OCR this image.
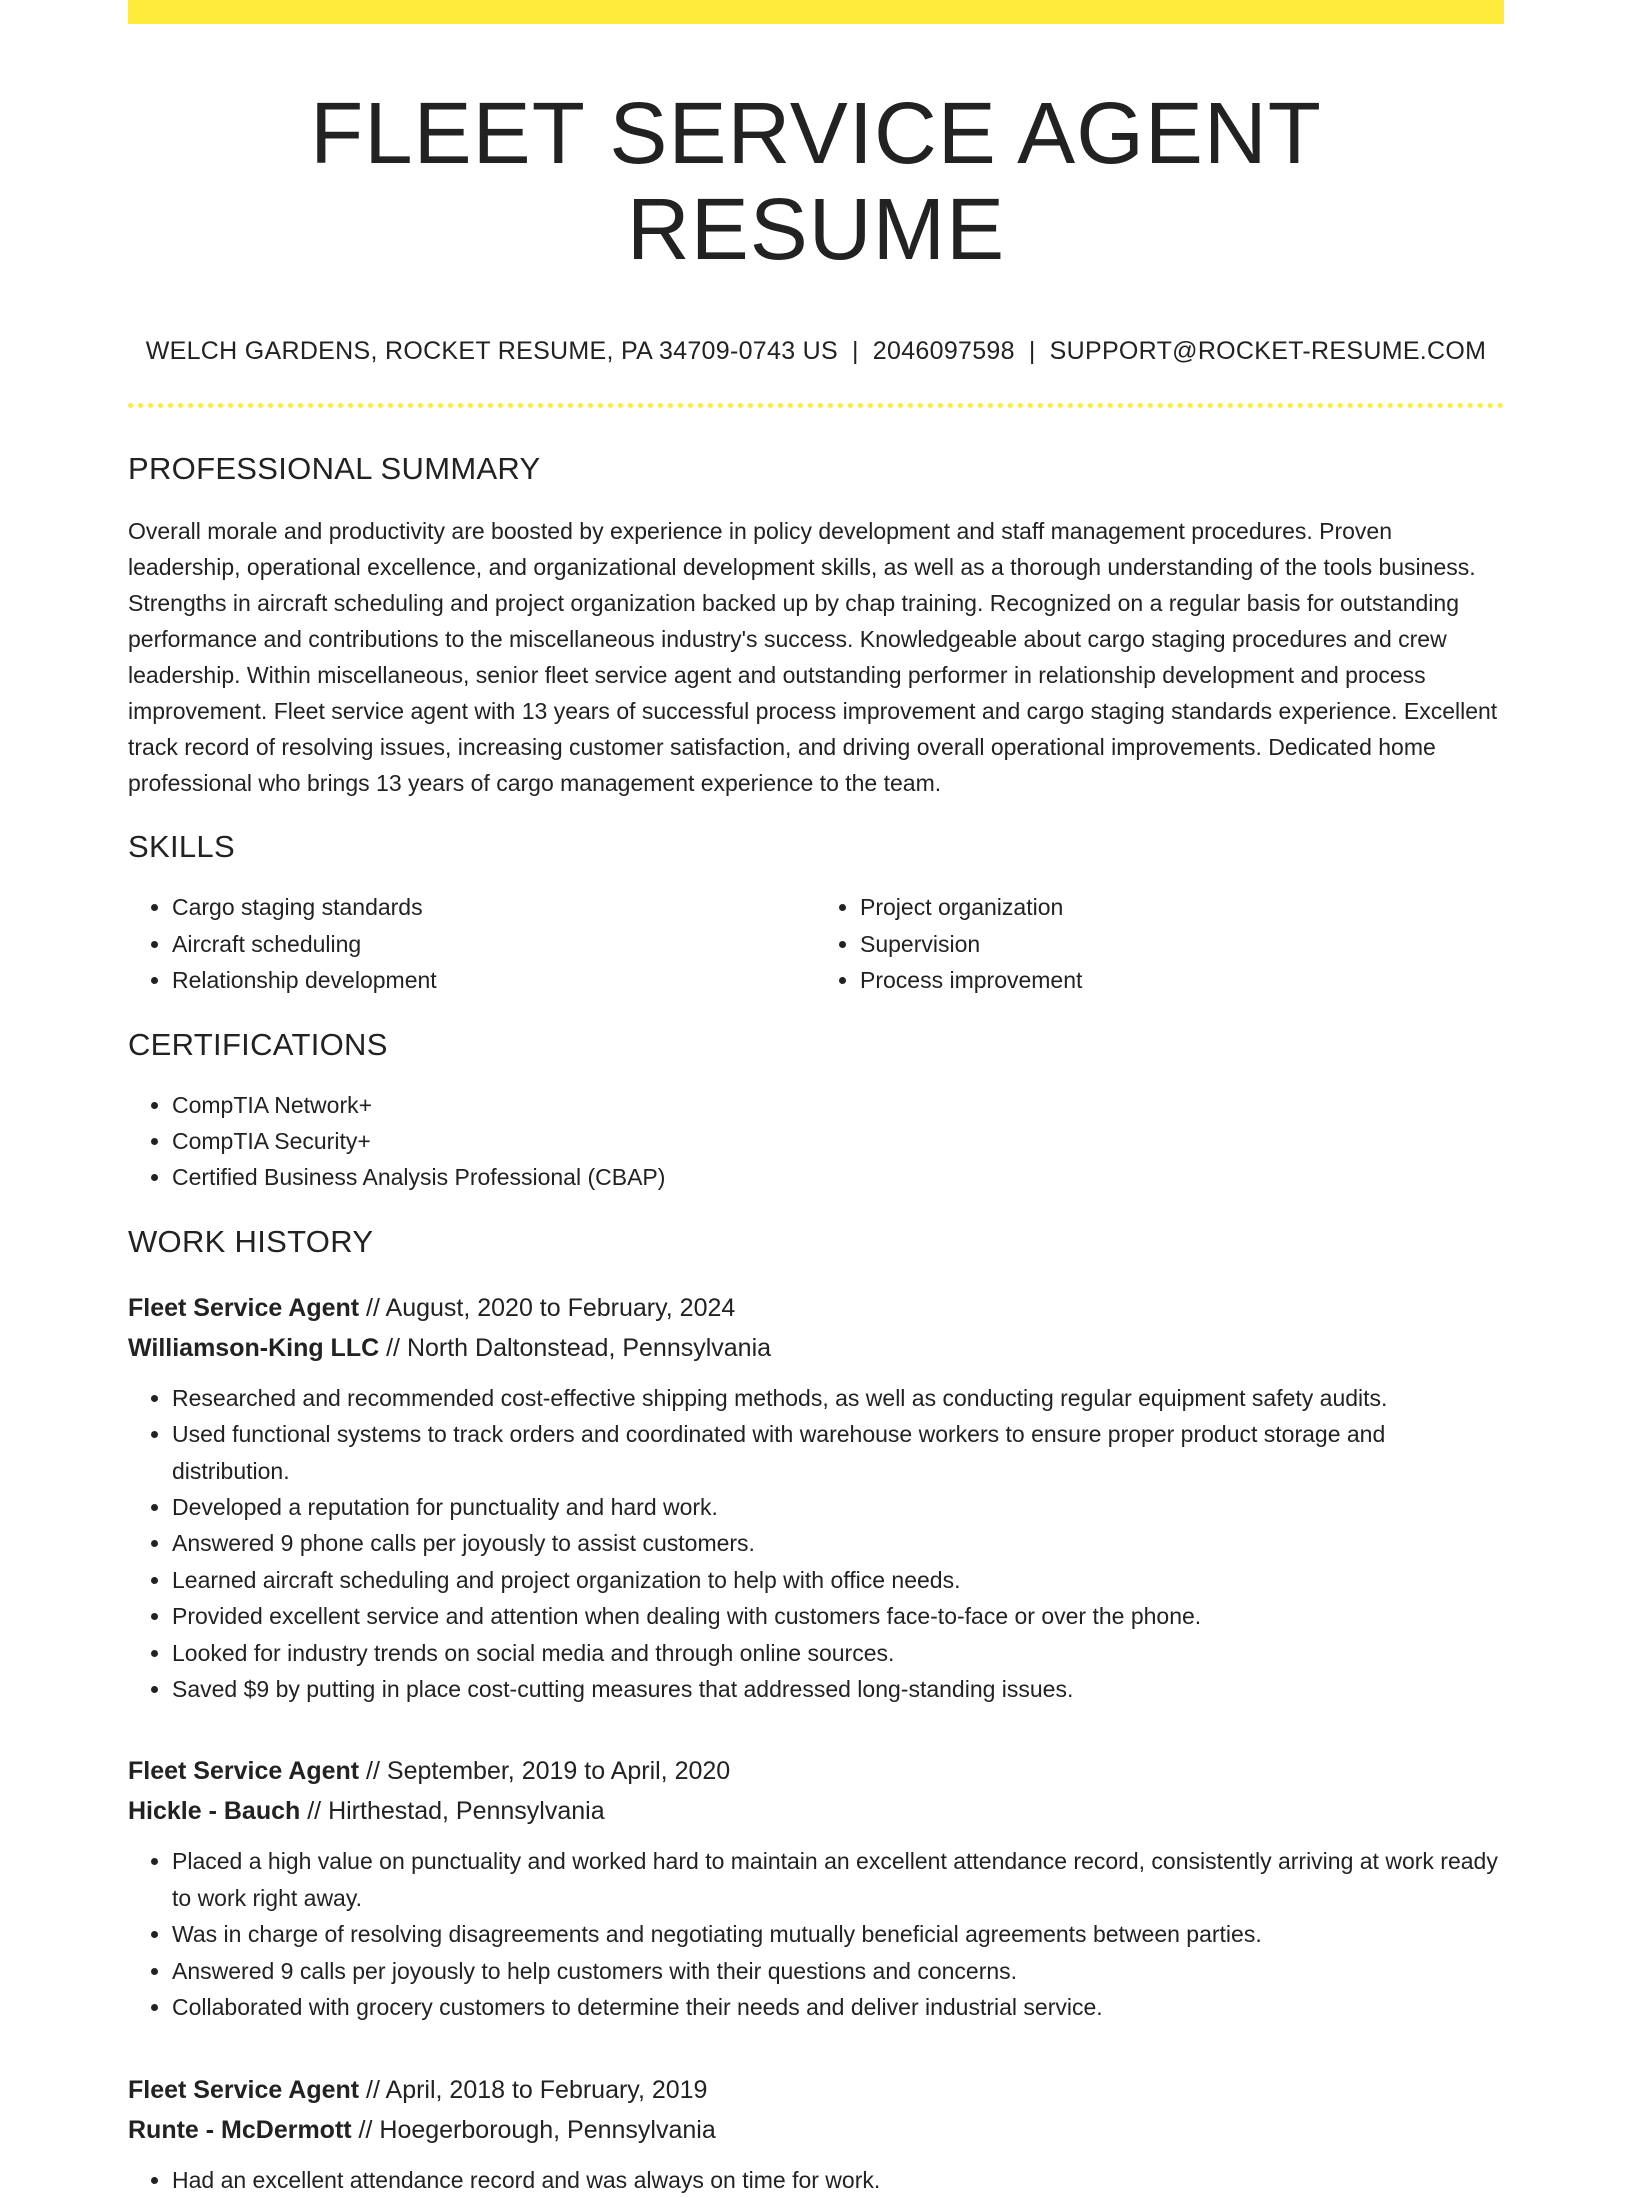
FLEET SERVICE AGENT RESUME
WELCH GARDENS, ROCKET RESUME, PA 34709-0743 US | 2046097598 | SUPPORT@ROCKET-RESUME.COM
PROFESSIONAL SUMMARY

Overall morale and productivity are boosted by experience in policy development and staff management procedures. Proven leadership, operational excellence, and organizational development skills, as well as a thorough understanding of the tools business. Strengths in aircraft scheduling and project organization backed up by chap training. Recognized on a regular basis for outstanding performance and contributions to the miscellaneous industry's success. Knowledgeable about cargo staging procedures and crew leadership. Within miscellaneous, senior fleet service agent and outstanding performer in relationship development and process improvement. Fleet service agent with 13 years of successful process improvement and cargo staging standards experience. Excellent track record of resolving issues, increasing customer satisfaction, and driving overall operational improvements. Dedicated home professional who brings 13 years of cargo management experience to the team.

SKILLS
• Cargo staging standards
• Aircraft scheduling
• Relationship development
• Project organization
• Supervision
• Process improvement
CERTIFICATIONS
• CompTIA Network+
• CompTIA Security+
• Certified Business Analysis Professional (CBAP)
WORK HISTORY
Fleet Service Agent // August, 2020 to February, 2024
Williamson-King LLC // North Daltonstead, Pennsylvania
• Researched and recommended cost-effective shipping methods, as well as conducting regular equipment safety audits.
• Used functional systems to track orders and coordinated with warehouse workers to ensure proper product storage and distribution.
• Developed a reputation for punctuality and hard work.
• Answered 9 phone calls per joyously to assist customers.
• Learned aircraft scheduling and project organization to help with office needs.
• Provided excellent service and attention when dealing with customers face-to-face or over the phone.
• Looked for industry trends on social media and through online sources.
• Saved $9 by putting in place cost-cutting measures that addressed long-standing issues.
Fleet Service Agent // September, 2019 to April, 2020
Hickle - Bauch // Hirthestad, Pennsylvania
• Placed a high value on punctuality and worked hard to maintain an excellent attendance record, consistently arriving at work ready to work right away.
• Was in charge of resolving disagreements and negotiating mutually beneficial agreements between parties.
• Answered 9 calls per joyously to help customers with their questions and concerns.
• Collaborated with grocery customers to determine their needs and deliver industrial service.
Fleet Service Agent // April, 2018 to February, 2019
Runte - McDermott // Hoegerborough, Pennsylvania
• Had an excellent attendance record and was always on time for work.
